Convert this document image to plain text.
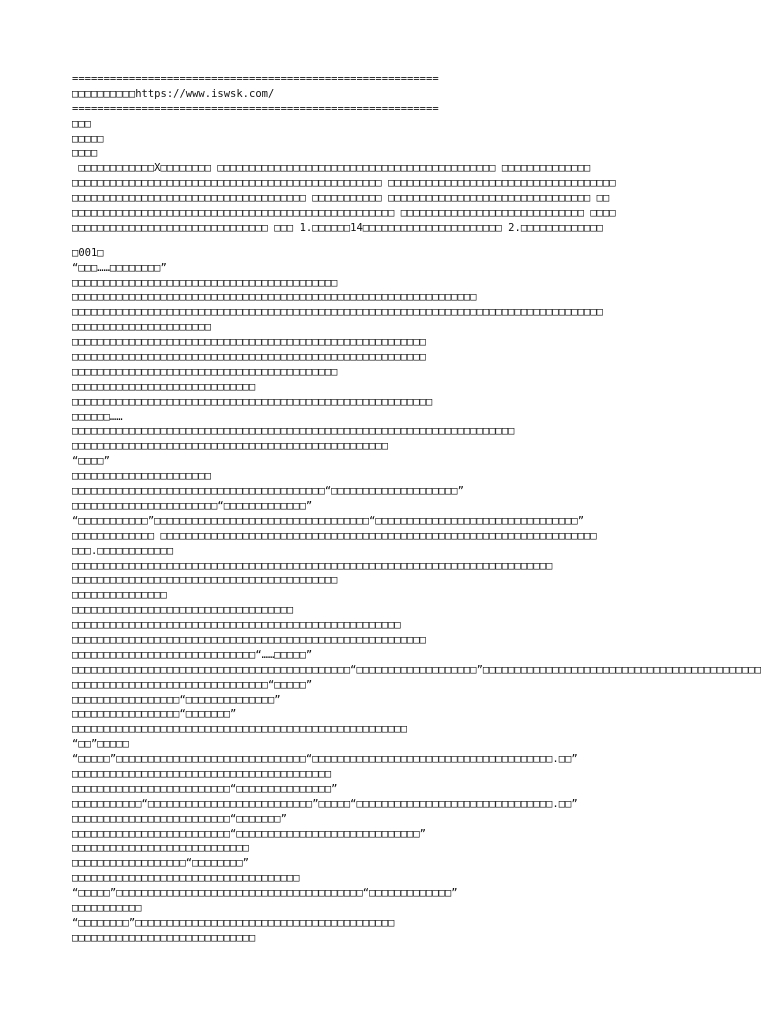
==========================================================
□□□□□□□□□□https://www.iswsk.com/
==========================================================
□□□
□□□□□
□□□□
□□□□□□□□□□□□X□□□□□□□□ □□□□□□□□□□□□□□□□□□□□□□□□□□□□□□□□□□□□□□□□□□□□ □□□□□□□□□□□□□□
□□□□□□□□□□□□□□□□□□□□□□□□□□□□□□□□□□□□□□□□□□□□□□□□□ □□□□□□□□□□□□□□□□□□□□□□□□□□□□□□□□□□□□
□□□□□□□□□□□□□□□□□□□□□□□□□□□□□□□□□□□□□ □□□□□□□□□□□ □□□□□□□□□□□□□□□□□□□□□□□□□□□□□□□□ □□
□□□□□□□□□□□□□□□□□□□□□□□□□□□□□□□□□□□□□□□□□□□□□□□□□□□ □□□□□□□□□□□□□□□□□□□□□□□□□□□□□ □□□□
□□□□□□□□□□□□□□□□□□□□□□□□□□□□□□□ □□□ 1.□□□□□□14□□□□□□□□□□□□□□□□□□□□□□ 2.□□□□□□□□□□□□□
□001□
“□□□……□□□□□□□□”
□□□□□□□□□□□□□□□□□□□□□□□□□□□□□□□□□□□□□□□□□□
□□□□□□□□□□□□□□□□□□□□□□□□□□□□□□□□□□□□□□□□□□□□□□□□□□□□□□□□□□□□□□□□
□□□□□□□□□□□□□□□□□□□□□□□□□□□□□□□□□□□□□□□□□□□□□□□□□□□□□□□□□□□□□□□□□□□□□□□□□□□□□□□□□□□□
□□□□□□□□□□□□□□□□□□□□□□
□□□□□□□□□□□□□□□□□□□□□□□□□□□□□□□□□□□□□□□□□□□□□□□□□□□□□□□□
□□□□□□□□□□□□□□□□□□□□□□□□□□□□□□□□□□□□□□□□□□□□□□□□□□□□□□□□
□□□□□□□□□□□□□□□□□□□□□□□□□□□□□□□□□□□□□□□□□□
□□□□□□□□□□□□□□□□□□□□□□□□□□□□□
□□□□□□□□□□□□□□□□□□□□□□□□□□□□□□□□□□□□□□□□□□□□□□□□□□□□□□□□□
□□□□□□……
□□□□□□□□□□□□□□□□□□□□□□□□□□□□□□□□□□□□□□□□□□□□□□□□□□□□□□□□□□□□□□□□□□□□□□
□□□□□□□□□□□□□□□□□□□□□□□□□□□□□□□□□□□□□□□□□□□□□□□□□□
“□□□□”
□□□□□□□□□□□□□□□□□□□□□□
□□□□□□□□□□□□□□□□□□□□□□□□□□□□□□□□□□□□□□□□“□□□□□□□□□□□□□□□□□□□□”
□□□□□□□□□□□□□□□□□□□□□□□“□□□□□□□□□□□□□”
“□□□□□□□□□□□”□□□□□□□□□□□□□□□□□□□□□□□□□□□□□□□□□□“□□□□□□□□□□□□□□□□□□□□□□□□□□□□□□□□”
□□□□□□□□□□□□□ □□□□□□□□□□□□□□□□□□□□□□□□□□□□□□□□□□□□□□□□□□□□□□□□□□□□□□□□□□□□□□□□□□□□□
□□□.□□□□□□□□□□□□
□□□□□□□□□□□□□□□□□□□□□□□□□□□□□□□□□□□□□□□□□□□□□□□□□□□□□□□□□□□□□□□□□□□□□□□□□□□□
□□□□□□□□□□□□□□□□□□□□□□□□□□□□□□□□□□□□□□□□□□
□□□□□□□□□□□□□□□
□□□□□□□□□□□□□□□□□□□□□□□□□□□□□□□□□□□
□□□□□□□□□□□□□□□□□□□□□□□□□□□□□□□□□□□□□□□□□□□□□□□□□□□□
□□□□□□□□□□□□□□□□□□□□□□□□□□□□□□□□□□□□□□□□□□□□□□□□□□□□□□□□
□□□□□□□□□□□□□□□□□□□□□□□□□□□□□“……□□□□□”
□□□□□□□□□□□□□□□□□□□□□□□□□□□□□□□□□□□□□□□□□□□□“□□□□□□□□□□□□□□□□□□□”□□□□□□□□□□□□□□□□□□□□□□□□□□□□□□□□□□□□□□□□□□□□
□□□□□□□□□□□□□□□□□□□□□□□□□□□□□□□“□□□□□”
□□□□□□□□□□□□□□□□□“□□□□□□□□□□□□□□”
□□□□□□□□□□□□□□□□□“□□□□□□□”
□□□□□□□□□□□□□□□□□□□□□□□□□□□□□□□□□□□□□□□□□□□□□□□□□□□□□
“□□”□□□□□
“□□□□□”□□□□□□□□□□□□□□□□□□□□□□□□□□□□□□“□□□□□□□□□□□□□□□□□□□□□□□□□□□□□□□□□□□□□□.□□”
□□□□□□□□□□□□□□□□□□□□□□□□□□□□□□□□□□□□□□□□□
□□□□□□□□□□□□□□□□□□□□□□□□□“□□□□□□□□□□□□□□□”
□□□□□□□□□□□“□□□□□□□□□□□□□□□□□□□□□□□□□□”□□□□□“□□□□□□□□□□□□□□□□□□□□□□□□□□□□□□□.□□”
□□□□□□□□□□□□□□□□□□□□□□□□□“□□□□□□□”
□□□□□□□□□□□□□□□□□□□□□□□□□“□□□□□□□□□□□□□□□□□□□□□□□□□□□□□”
□□□□□□□□□□□□□□□□□□□□□□□□□□□□
□□□□□□□□□□□□□□□□□□“□□□□□□□□”
□□□□□□□□□□□□□□□□□□□□□□□□□□□□□□□□□□□□
“□□□□□”□□□□□□□□□□□□□□□□□□□□□□□□□□□□□□□□□□□□□□□“□□□□□□□□□□□□□”
□□□□□□□□□□□
“□□□□□□□□”□□□□□□□□□□□□□□□□□□□□□□□□□□□□□□□□□□□□□□□□□
□□□□□□□□□□□□□□□□□□□□□□□□□□□□□
